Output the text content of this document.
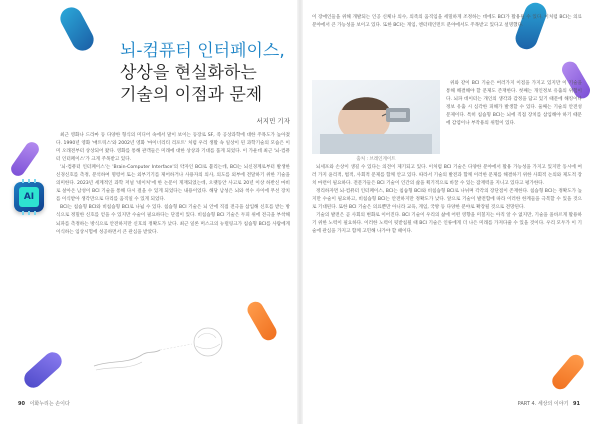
AI
뇌-컴퓨터 인터페이스,
상상을 현실화하는
기술의 이점과 문제
서지민 기자

최근 영화나 드라마 등 다양한 형식의 미디어 속에서 말이 보이는 등장로 SF, 즉 공상과학에 대한 주목도가 높아졌다. 1990년 영화 '매트릭스'와 2002년 영화 '마이너리티 리포트' 처럼 우리 생활 속 일상이 된 과학기술의 모습은 이미 오래전부터 상상되어 왔다. 영화를 통해 관객들은 미래에 대한 상상과 기대를 품게 되었다. 이 가운데 최근 '뇌-컴퓨터 인터페이스'가 크게 주목받고 있다.

'뇌-컴퓨터 인터페이스'는 'Brain-Computer Interface'의 약자인 BCI로 불리는데, BCI는 뇌신경계로부터 발생한 신경신호를 측정, 분석하여 명령어 또는 외부기기를 제어하거나 사용자의 의사, 의도를 외부에 전달하기 위한 기술을 의미한다. 2023년 세계적인 과학 저널 '네이처'에 한 논문이 게재되었는데, 오랫동안 사고로 20년 이상 하반신 마비로 살아온 남성이 BCI 기술을 통해 다시 걸을 수 있게 되었다는 내용이었다. 해당 남성은 뇌와 척수 사이에 무선 장치를 이식받아 생각만으로 다리를 움직일 수 있게 되었다.

BCI는 침습형 BCI와 비침습형 BCI로 나뉠 수 있다. 침습형 BCI 기술은 뇌 안에 직접 전극을 삽입해 신호를 받는 방식으로 정밀한 신호를 얻을 수 있지만 수술이 필요하다는 단점이 있다. 비침습형 BCI 기술은 두피 위에 전극을 부착해 뇌파를 측정하는 방식으로 안전하지만 신호의 정확도가 낮다. 최근 일론 머스크의 뉴럴링크가 침습형 BCI를 사람에게 이식하는 임상시험에 성공하면서 큰 관심을 받았다.

90 이화누리는 손이다

이 장애인들을 위해 개발되는 인공 신체나 의수, 의족의 움직임을 세밀하게 조정하는 데에도 BCI가 활용될 수 있다. 이처럼 BCI는 의료 분야에서 큰 가능성을 보이고 있다. 또한 BCI는 게임, 엔터테인먼트 분야에서도 주목받고 있다고 설명했다.

출처 : 브레인게이트

위와 같이 BCI 기술은 여러가지 이점을 가지고 있지만 이 기술을 통해 해결해야 할 문제도 존재한다. 첫째는 개인정보 유출의 위험이다. 뇌파 데이터는 개인의 생각과 감정을 담고 있기 때문에 해킹이나 정보 유출 시 심각한 피해가 발생할 수 있다. 둘째는 기술의 안전성 문제이다. 특히 침습형 BCI는 뇌에 직접 장치를 삽입해야 하기 때문에 감염이나 부작용의 위험이 있다.

뇌세포와 손상이 생길 수 있다는 의견이 제기되고 있다. 이처럼 BCI 기술은 다양한 분야에서 활용 가능성을 가지고 있지만 동시에 여러 가지 윤리적, 법적, 사회적 문제를 함께 안고 있다. 따라서 기술의 발전과 함께 이러한 문제를 해결하기 위한 사회적 논의와 제도적 장치 마련이 필요하다. 전문가들은 BCI 기술이 인간의 삶을 획기적으로 바꿀 수 있는 잠재력을 지니고 있다고 평가한다.

정리하자면 뇌-컴퓨터 인터페이스, BCI는 침습형 BCI와 비침습형 BCI로 나뉘며 각각의 장단점이 존재한다. 침습형 BCI는 정확도가 높지만 수술이 필요하고, 비침습형 BCI는 안전하지만 정확도가 낮다. 앞으로 기술이 발전함에 따라 이러한 한계들을 극복할 수 있을 것으로 기대된다. 또한 BCI 기술은 의료뿐만 아니라 교육, 게임, 국방 등 다양한 분야로 확장될 것으로 전망된다.

기술의 발전은 곧 사회의 변화로 이어진다. BCI 기술이 우리의 삶에 어떤 영향을 미칠지는 아직 알 수 없지만, 기술을 올바르게 활용하기 위한 노력이 필요하다. 이러한 노력이 뒷받침될 때 BCI 기술은 인류에게 더 나은 미래를 가져다줄 수 있을 것이다. 우리 모두가 이 기술에 관심을 가지고 함께 고민해 나가야 할 때이다.

PART 4. 세상의 이야기 91
